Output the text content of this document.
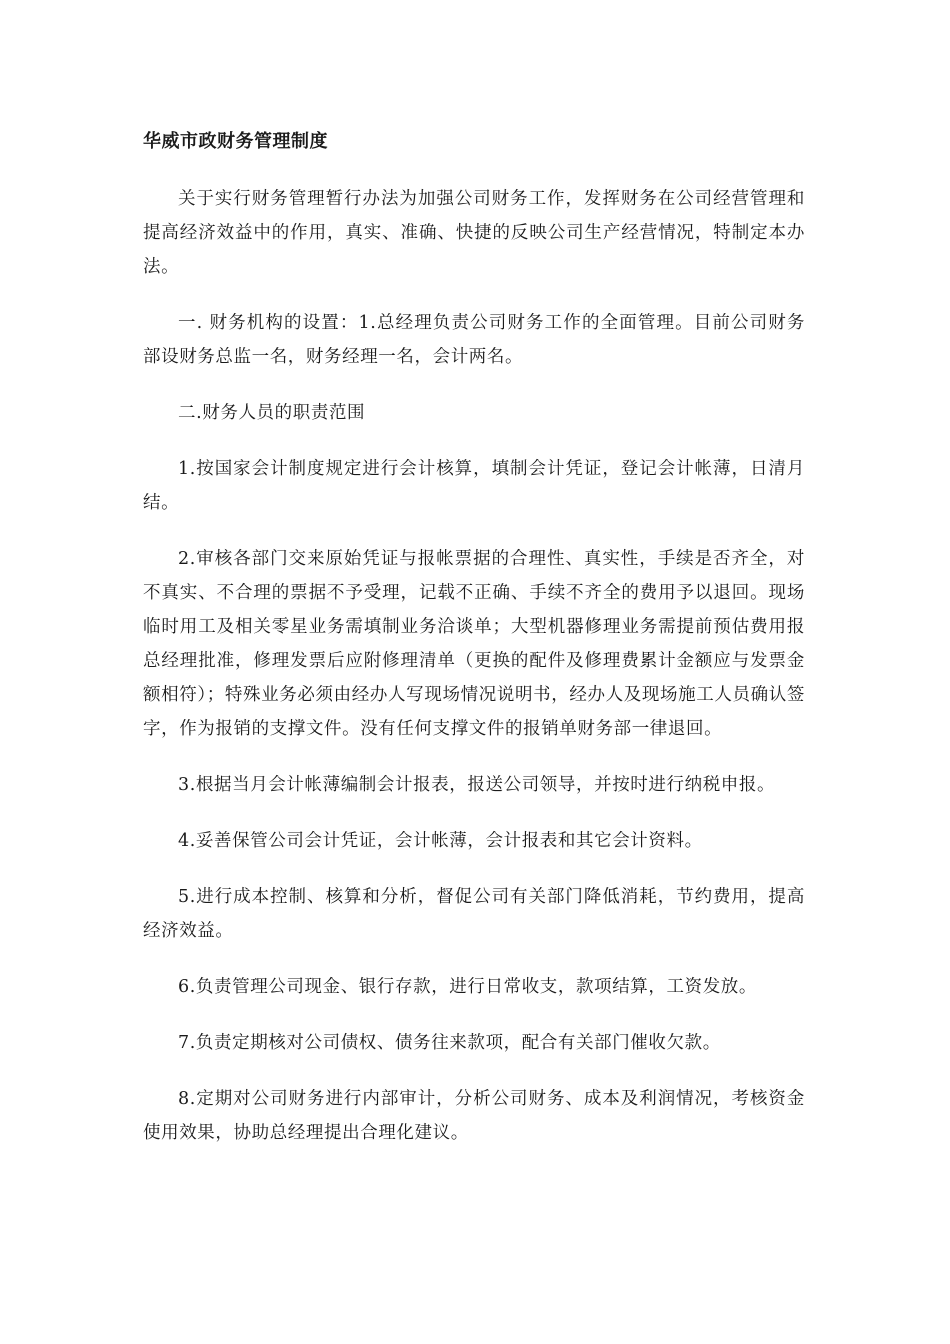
华威市政财务管理制度

关于实行财务管理暂行办法为加强公司财务工作，发挥财务在公司经营管理和提高经济效益中的作用，真实、准确、快捷的反映公司生产经营情况，特制定本办法。

一. 财务机构的设置：1.总经理负责公司财务工作的全面管理。目前公司财务部设财务总监一名，财务经理一名，会计两名。

二.财务人员的职责范围

1.按国家会计制度规定进行会计核算，填制会计凭证，登记会计帐薄，日清月结。

2.审核各部门交来原始凭证与报帐票据的合理性、真实性，手续是否齐全，对不真实、不合理的票据不予受理，记载不正确、手续不齐全的费用予以退回。现场临时用工及相关零星业务需填制业务洽谈单；大型机器修理业务需提前预估费用报总经理批准，修理发票后应附修理清单（更换的配件及修理费累计金额应与发票金额相符）；特殊业务必须由经办人写现场情况说明书，经办人及现场施工人员确认签字，作为报销的支撑文件。没有任何支撑文件的报销单财务部一律退回。

3.根据当月会计帐薄编制会计报表，报送公司领导，并按时进行纳税申报。

4.妥善保管公司会计凭证，会计帐薄，会计报表和其它会计资料。

5.进行成本控制、核算和分析，督促公司有关部门降低消耗，节约费用，提高经济效益。

6.负责管理公司现金、银行存款，进行日常收支，款项结算，工资发放。

7.负责定期核对公司债权、债务往来款项，配合有关部门催收欠款。

8.定期对公司财务进行内部审计，分析公司财务、成本及利润情况，考核资金使用效果，协助总经理提出合理化建议。
